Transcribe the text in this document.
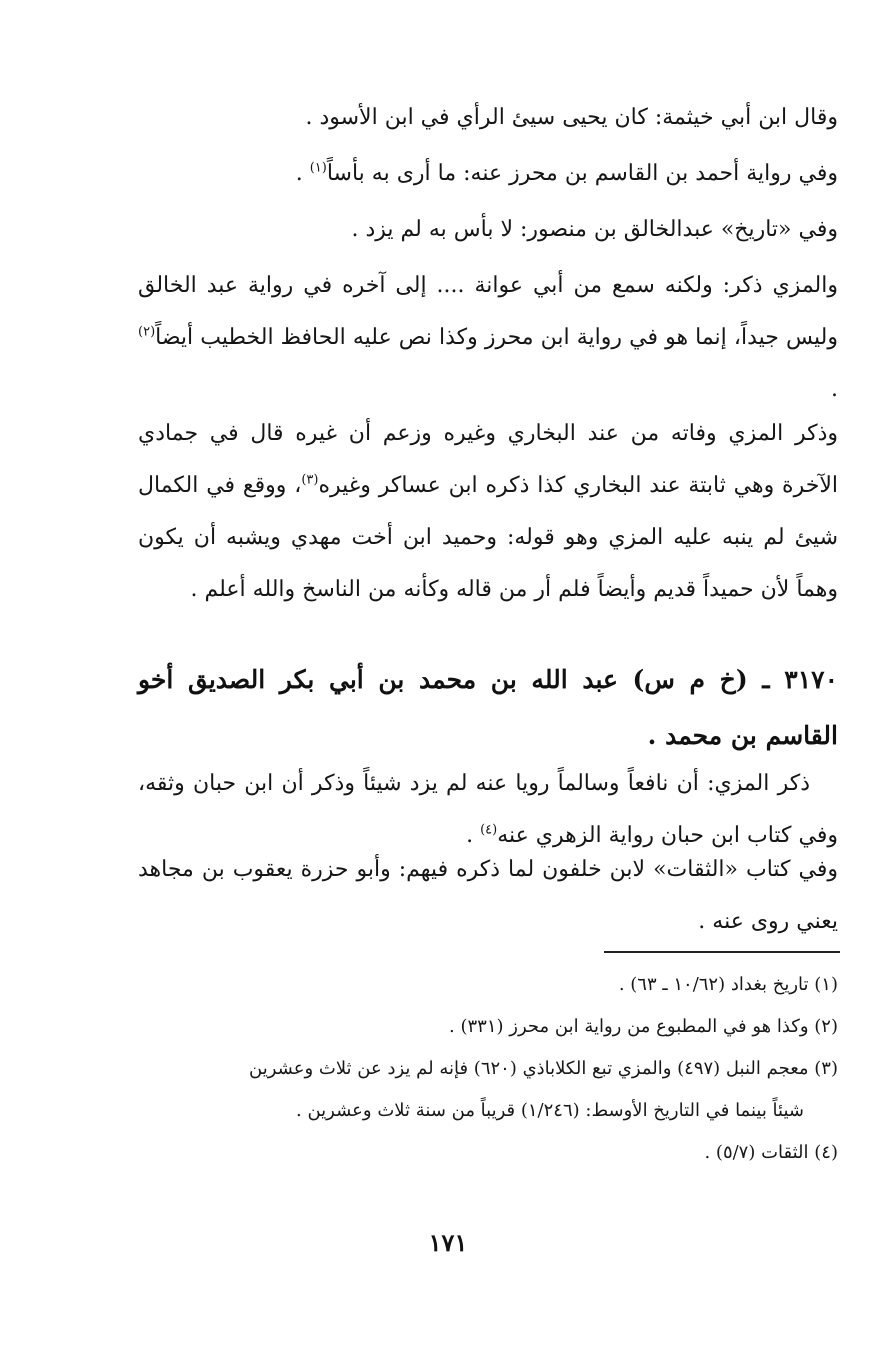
وقال ابن أبي خيثمة: كان يحيى سيئ الرأي في ابن الأسود .

وفي رواية أحمد بن القاسم بن محرز عنه: ما أرى به بأساً$^{(١)}$ .

وفي «تاريخ» عبدالخالق بن منصور: لا بأس به لم يزد .

والمزي ذكر: ولكنه سمع من أبي عوانة .... إلى آخره في رواية عبد الخالق وليس جيداً، إنما هو في رواية ابن محرز وكذا نص عليه الحافظ الخطيب أيضاً$^{(٢)}$ .

وذكر المزي وفاته من عند البخاري وغيره وزعم أن غيره قال في جمادي الآخرة وهي ثابتة عند البخاري كذا ذكره ابن عساكر وغيره$^{(٣)}$، ووقع في الكمال شيئ لم ينبه عليه المزي وهو قوله: وحميد ابن أخت مهدي ويشبه أن يكون وهماً لأن حميداً قديم وأيضاً فلم أر من قاله وكأنه من الناسخ والله أعلم .

٣١٧٠ ـ (خ م س) عبد الله بن محمد بن أبي بكر الصديق أخو القاسم بن محمد .

ذكر المزي: أن نافعاً وسالماً رويا عنه لم يزد شيئاً وذكر أن ابن حبان وثقه، وفي كتاب ابن حبان رواية الزهري عنه$^{(٤)}$ .

وفي كتاب «الثقات» لابن خلفون لما ذكره فيهم: وأبو حزرة يعقوب بن مجاهد يعني روى عنه .

(١) تاريخ بغداد (١٠/٦٢ ـ ٦٣) .

(٢) وكذا هو في المطبوع من رواية ابن محرز (٣٣١) .

(٣) معجم النبل (٤٩٧) والمزي تبع الكلاباذي (٦٢٠) فإنه لم يزد عن ثلاث وعشرين

شيئاً بينما في التاريخ الأوسط: (١/٢٤٦) قريباً من سنة ثلاث وعشرين .

(٤) الثقات (٥/٧) .

١٧١
